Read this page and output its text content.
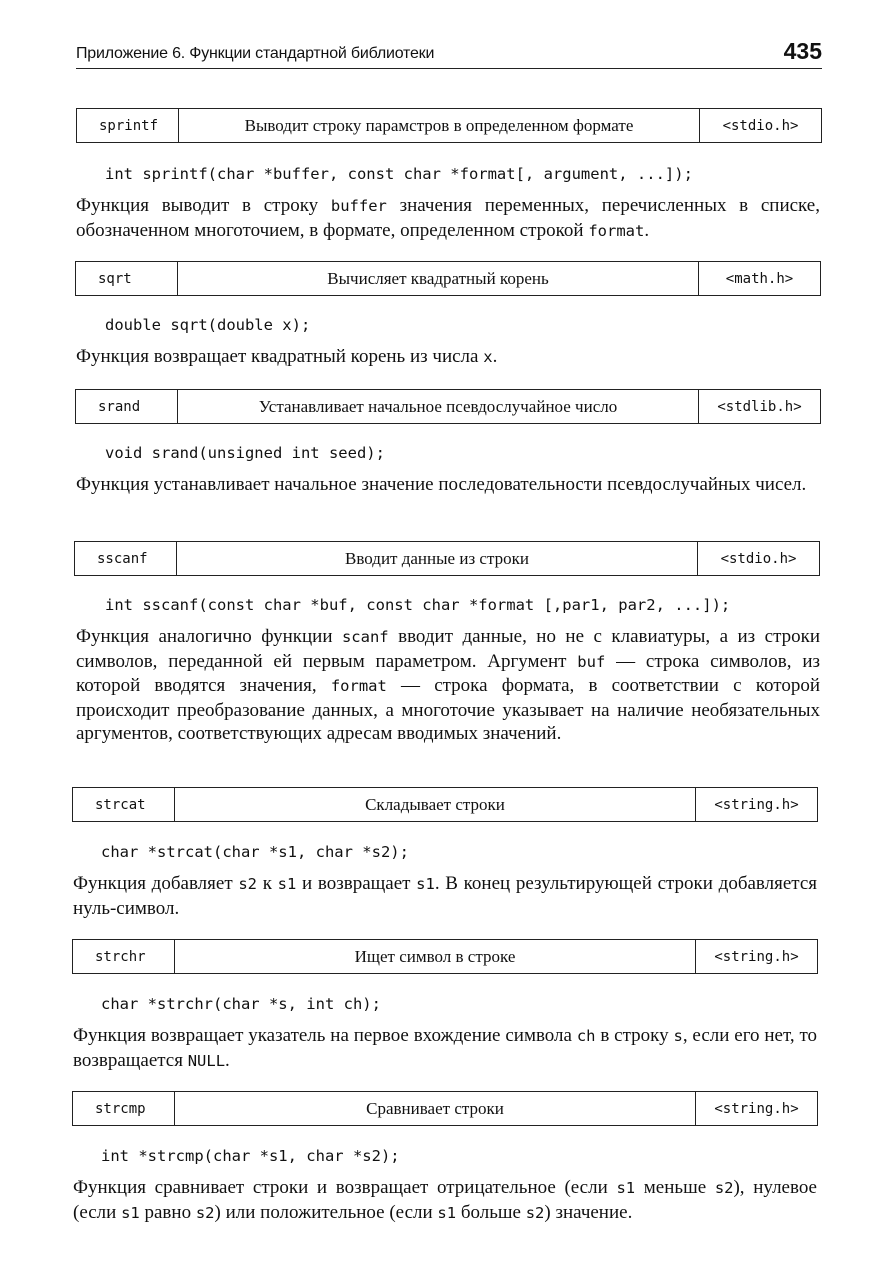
Приложение 6. Функции стандартной библиотеки	435
sprintf	Выводит строку парамстров в определенном формате	<stdio.h>
int sprintf(char *buffer, const char *format[, argument, ...]);

Функция выводит в строку buffer значения переменных, перечисленных в списке, обозначенном многоточием, в формате, определенном строкой format.

sqrt	Вычисляет квадратный корень	<math.h>
double sqrt(double x);

Функция возвращает квадратный корень из числа x.

srand	Устанавливает начальное псевдослучайное число	<stdlib.h>
void srand(unsigned int seed);

Функция устанавливает начальное значение последовательности псевдослучайных чисел.

sscanf	Вводит данные из строки	<stdio.h>
int sscanf(const char *buf, const char *format [,par1, par2, ...]);

Функция аналогично функции scanf вводит данные, но не с клавиатуры, а из строки символов, переданной ей первым параметром. Аргумент buf — строка символов, из которой вводятся значения, format — строка формата, в соответствии с которой происходит преобразование данных, а многоточие указывает на наличие необязательных аргументов, соответствующих адресам вводимых значений.

strcat	Складывает строки	<string.h>
char *strcat(char *s1, char *s2);

Функция добавляет s2 к s1 и возвращает s1. В конец результирующей строки добавляется нуль-символ.

strchr	Ищет символ в строке	<string.h>
char *strchr(char *s, int ch);

Функция возвращает указатель на первое вхождение символа ch в строку s, если его нет, то возвращается NULL.

strcmp	Сравнивает строки	<string.h>
int *strcmp(char *s1, char *s2);

Функция сравнивает строки и возвращает отрицательное (если s1 меньше s2), нулевое (если s1 равно s2) или положительное (если s1 больше s2) значение.
